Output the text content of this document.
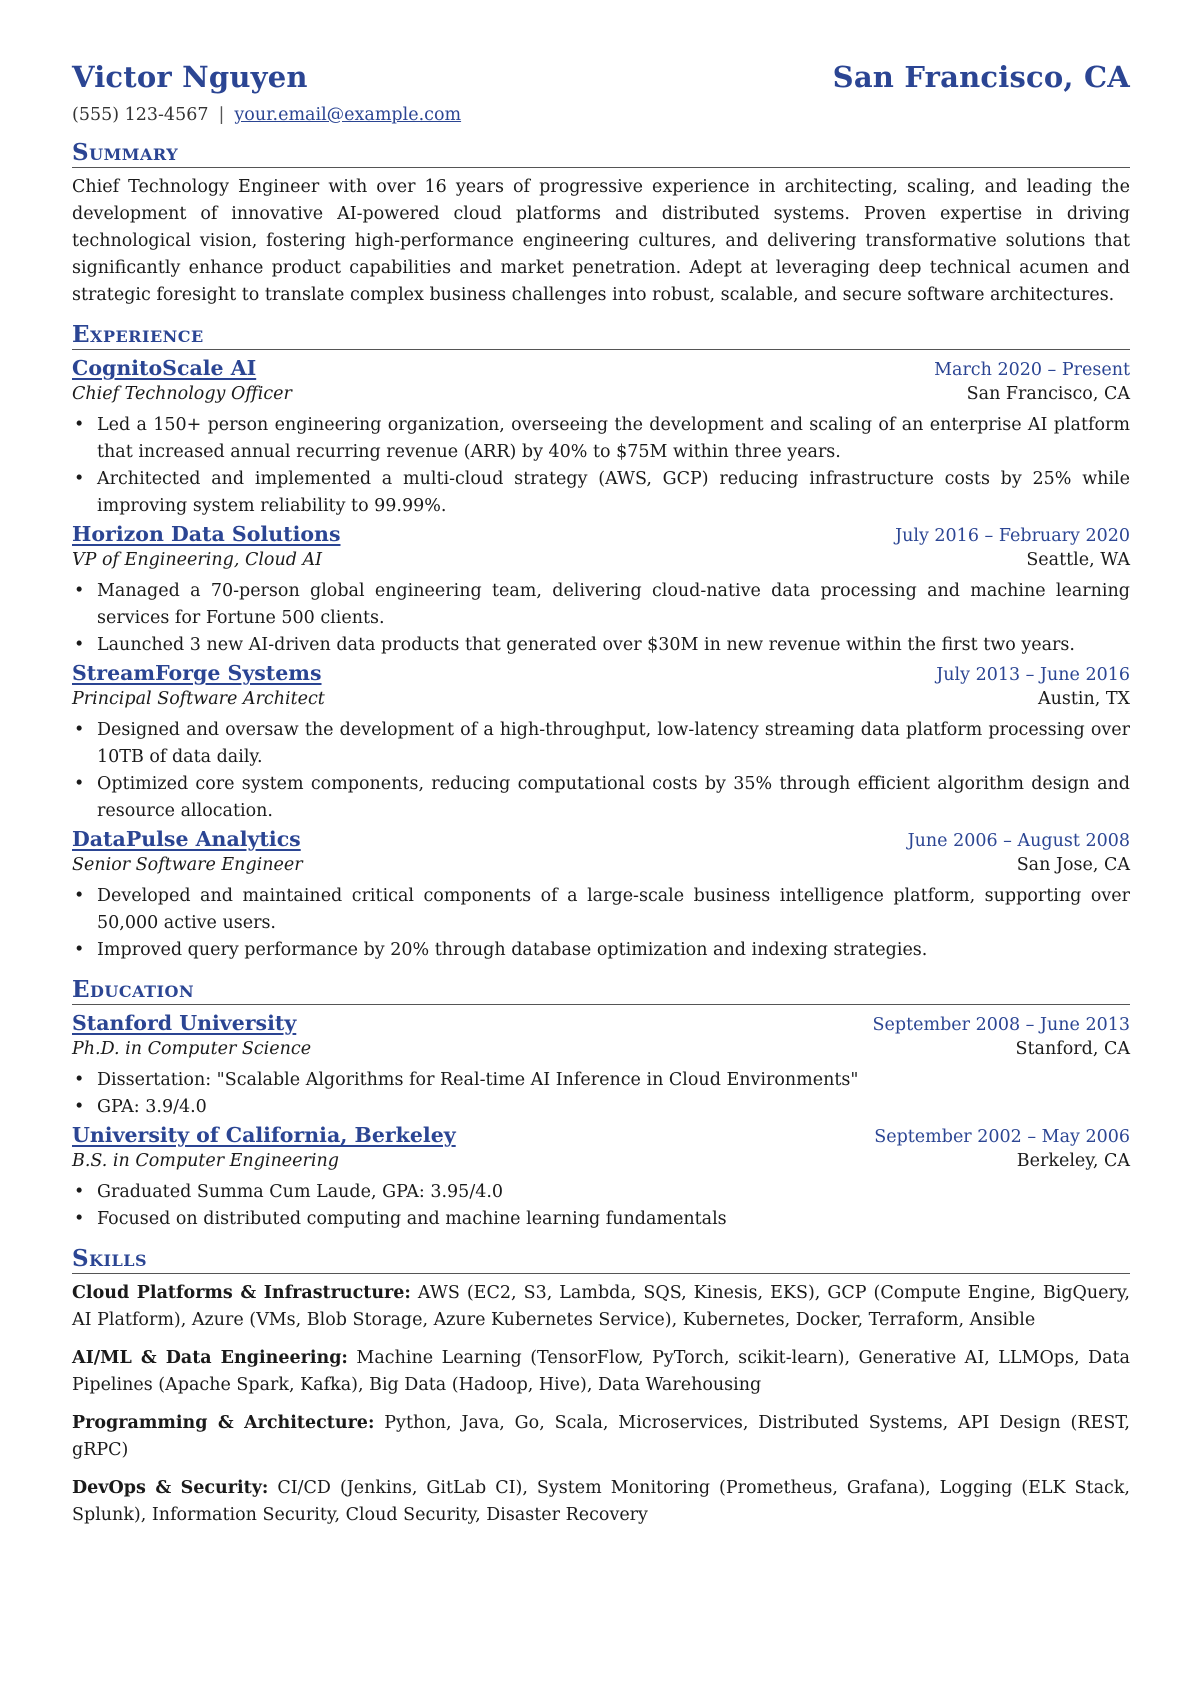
Victor Nguyen	San Francisco, CA
(555) 123-4567 | your.email@example.com
Summary
Chief Technology Engineer with over 16 years of progressive experience in architecting, scaling, and leading the development of innovative AI-powered cloud platforms and distributed systems. Proven expertise in driving technological vision, fostering high-performance engineering cultures, and delivering transformative solutions that significantly enhance product capabilities and market penetration. Adept at leveraging deep technical acumen and strategic foresight to translate complex business challenges into robust, scalable, and secure software architectures.
Experience
CognitoScale AI	March 2020 – Present
Chief Technology Officer	San Francisco, CA
• Led a 150+ person engineering organization, overseeing the development and scaling of an enterprise AI platform that increased annual recurring revenue (ARR) by 40% to $75M within three years.
• Architected and implemented a multi-cloud strategy (AWS, GCP) reducing infrastructure costs by 25% while improving system reliability to 99.99%.
Horizon Data Solutions	July 2016 – February 2020
VP of Engineering, Cloud AI	Seattle, WA
• Managed a 70-person global engineering team, delivering cloud-native data processing and machine learning services for Fortune 500 clients.
• Launched 3 new AI-driven data products that generated over $30M in new revenue within the first two years.
StreamForge Systems	July 2013 – June 2016
Principal Software Architect	Austin, TX
• Designed and oversaw the development of a high-throughput, low-latency streaming data platform processing over 10TB of data daily.
• Optimized core system components, reducing computational costs by 35% through efficient algorithm design and resource allocation.
DataPulse Analytics	June 2006 – August 2008
Senior Software Engineer	San Jose, CA
• Developed and maintained critical components of a large-scale business intelligence platform, supporting over 50,000 active users.
• Improved query performance by 20% through database optimization and indexing strategies.
Education
Stanford University	September 2008 – June 2013
Ph.D. in Computer Science	Stanford, CA
• Dissertation: "Scalable Algorithms for Real-time AI Inference in Cloud Environments"
• GPA: 3.9/4.0
University of California, Berkeley	September 2002 – May 2006
B.S. in Computer Engineering	Berkeley, CA
• Graduated Summa Cum Laude, GPA: 3.95/4.0
• Focused on distributed computing and machine learning fundamentals
Skills
Cloud Platforms & Infrastructure: AWS (EC2, S3, Lambda, SQS, Kinesis, EKS), GCP (Compute Engine, BigQuery, AI Platform), Azure (VMs, Blob Storage, Azure Kubernetes Service), Kubernetes, Docker, Terraform, Ansible
AI/ML & Data Engineering: Machine Learning (TensorFlow, PyTorch, scikit-learn), Generative AI, LLMOps, Data Pipelines (Apache Spark, Kafka), Big Data (Hadoop, Hive), Data Warehousing
Programming & Architecture: Python, Java, Go, Scala, Microservices, Distributed Systems, API Design (REST, gRPC)
DevOps & Security: CI/CD (Jenkins, GitLab CI), System Monitoring (Prometheus, Grafana), Logging (ELK Stack, Splunk), Information Security, Cloud Security, Disaster Recovery
